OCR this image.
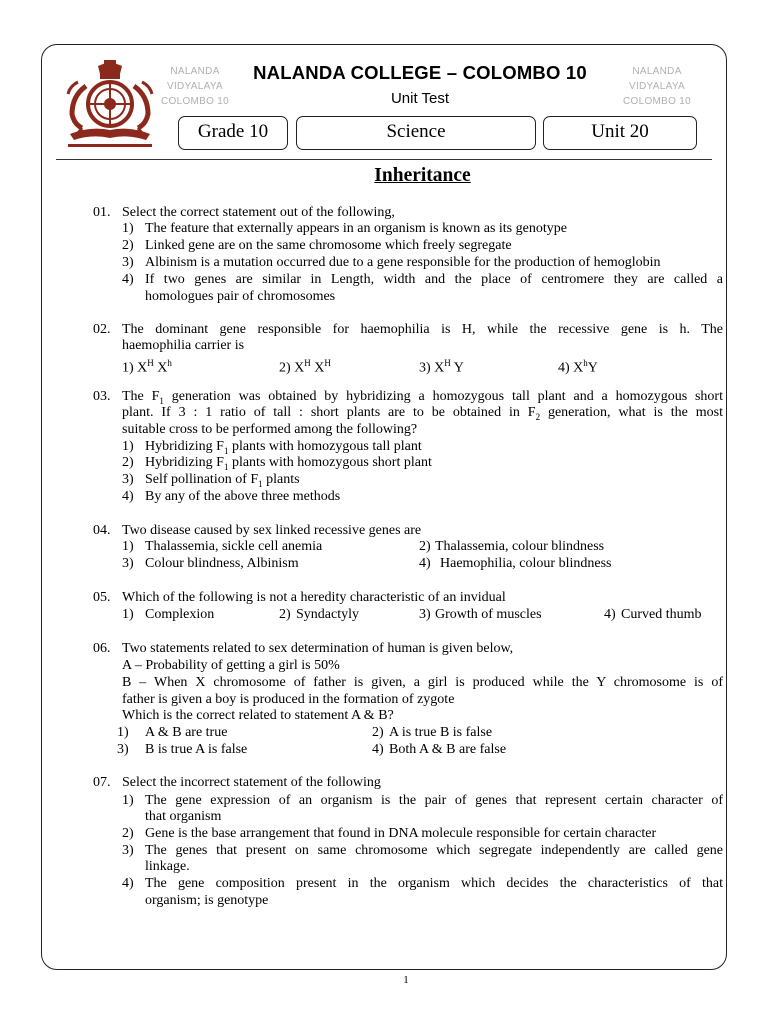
NALANDA
VIDYALAYA
COLOMBO 10
NALANDA
VIDYALAYA
COLOMBO 10
NALANDA COLLEGE – COLOMBO 10
Unit Test
Grade 10	Science	Unit 20
Inheritance
01. Select the correct statement out of the following,
1) The feature that externally appears in an organism is known as its genotype
2) Linked gene are on the same chromosome which freely segregate
3) Albinism is a mutation occurred due to a gene responsible for the production of hemoglobin
4) If two genes are similar in Length, width and the place of centromere they are called a
homologues pair of chromosomes
02. The dominant gene responsible for haemophilia is H, while the recessive gene is h. The
haemophilia carrier is
1) $X^H$ $X^h$	2) $X^H$ $X^H$	3) $X^H$ Y	4) $X^hY$
03. The $F_1$ generation was obtained by hybridizing a homozygous tall plant and a homozygous short
plant. If 3 : 1 ratio of tall : short plants are to be obtained in $F_2$ generation, what is the most
suitable cross to be performed among the following?
1) Hybridizing $F_1$ plants with homozygous tall plant
2) Hybridizing $F_1$ plants with homozygous short plant
3) Self pollination of $F_1$ plants
4) By any of the above three methods
04. Two disease caused by sex linked recessive genes are
1) Thalassemia, sickle cell anemia	2) Thalassemia, colour blindness
3) Colour blindness, Albinism	4) Haemophilia, colour blindness
05. Which of the following is not a heredity characteristic of an invidual
1) Complexion	2) Syndactyly	3) Growth of muscles	4) Curved thumb
06. Two statements related to sex determination of human is given below,
A – Probability of getting a girl is 50%
B – When X chromosome of father is given, a girl is produced while the Y chromosome is of
father is given a boy is produced in the formation of zygote
Which is the correct related to statement A & B?
1) A & B are true	2) A is true B is false
3) B is true A is false	4) Both A & B are false
07. Select the incorrect statement of the following
1) The gene expression of an organism is the pair of genes that represent certain character of
that organism
2) Gene is the base arrangement that found in DNA molecule responsible for certain character
3) The genes that present on same chromosome which segregate independently are called gene
linkage.
4) The gene composition present in the organism which decides the characteristics of that
organism; is genotype
1
